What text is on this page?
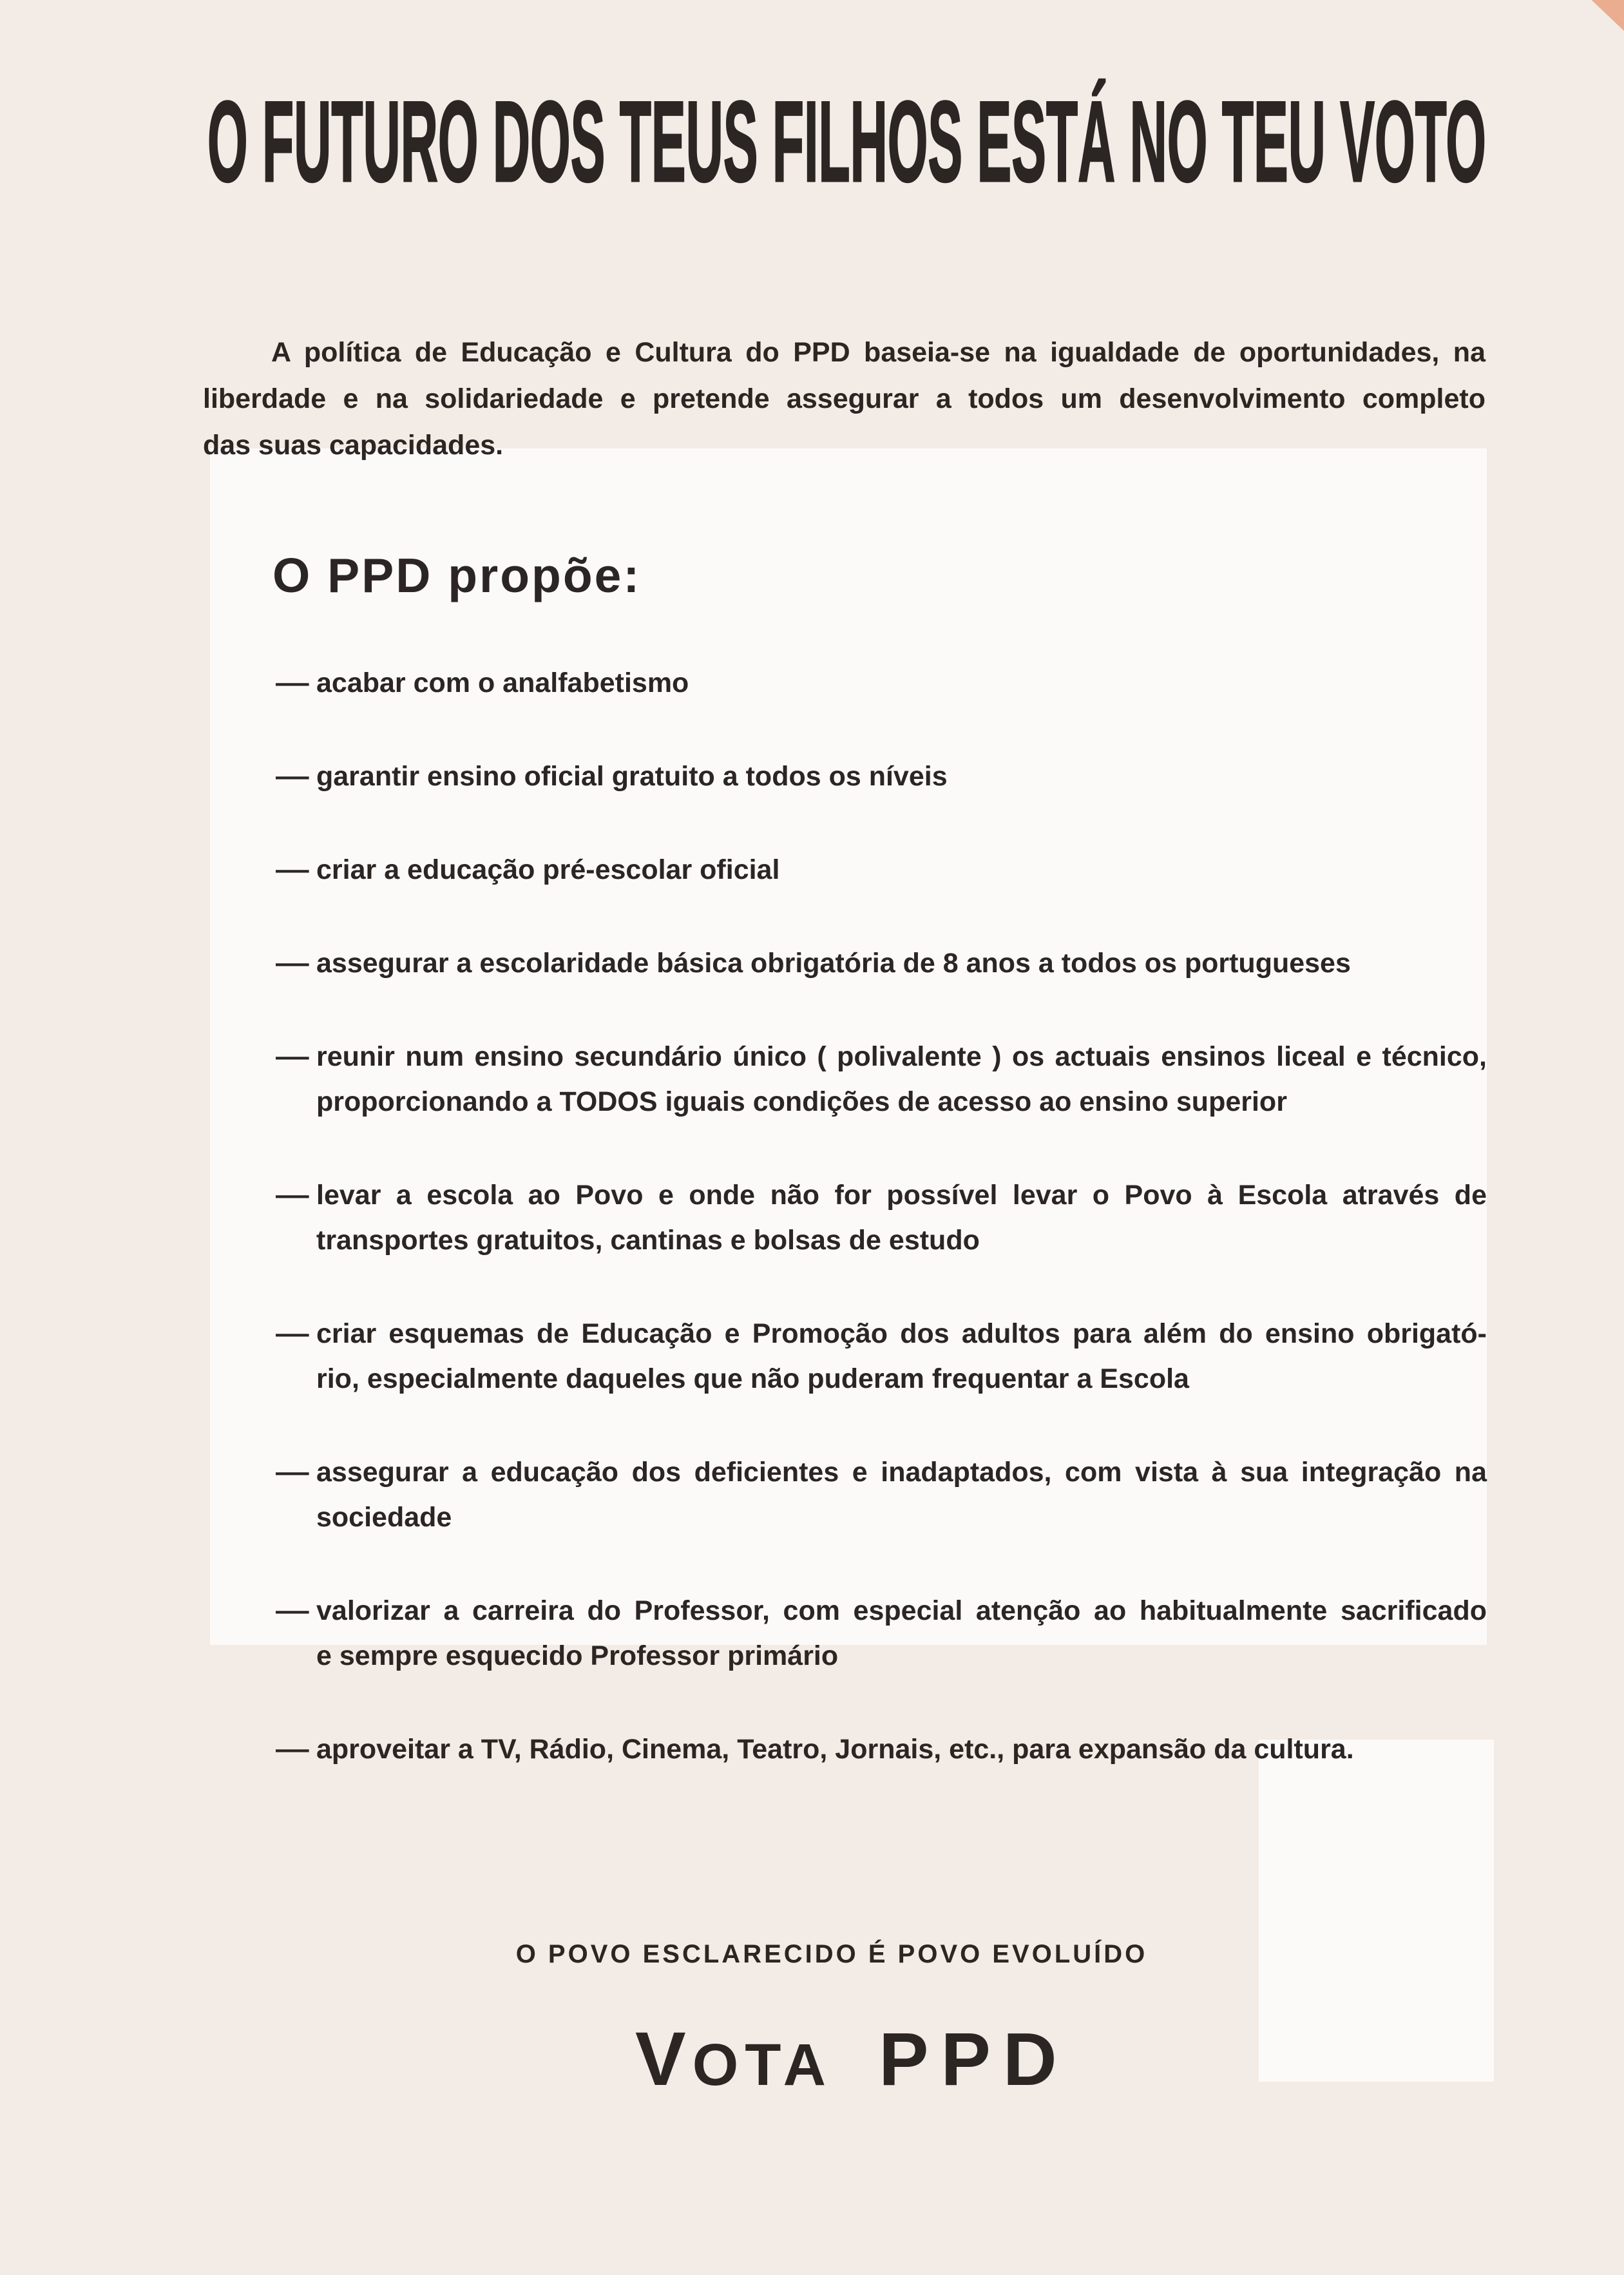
O FUTURO DOS TEUS FILHOS ESTÁ NO TEU VOTO
A política de Educação e Cultura do PPD baseia-se na igualdade de oportunidades, na
liberdade e na solidariedade e pretende assegurar a todos um desenvolvimento completo
das suas capacidades.
O PPD propõe:
— acabar com o analfabetismo
— garantir ensino oficial gratuito a todos os níveis
— criar a educação pré-escolar oficial
— assegurar a escolaridade básica obrigatória de 8 anos a todos os portugueses
— reunir num ensino secundário único ( polivalente ) os actuais ensinos liceal e técnico,
proporcionando a TODOS iguais condições de acesso ao ensino superior
— levar a escola ao Povo e onde não for possível levar o Povo à Escola através de
transportes gratuitos, cantinas e bolsas de estudo
— criar esquemas de Educação e Promoção dos adultos para além do ensino obrigató-
rio, especialmente daqueles que não puderam frequentar a Escola
— assegurar a educação dos deficientes e inadaptados, com vista à sua integração na
sociedade
— valorizar a carreira do Professor, com especial atenção ao habitualmente sacrificado
e sempre esquecido Professor primário
— aproveitar a TV, Rádio, Cinema, Teatro, Jornais, etc., para expansão da cultura.
O POVO ESCLARECIDO É POVO EVOLUÍDO
VOTA PPD
